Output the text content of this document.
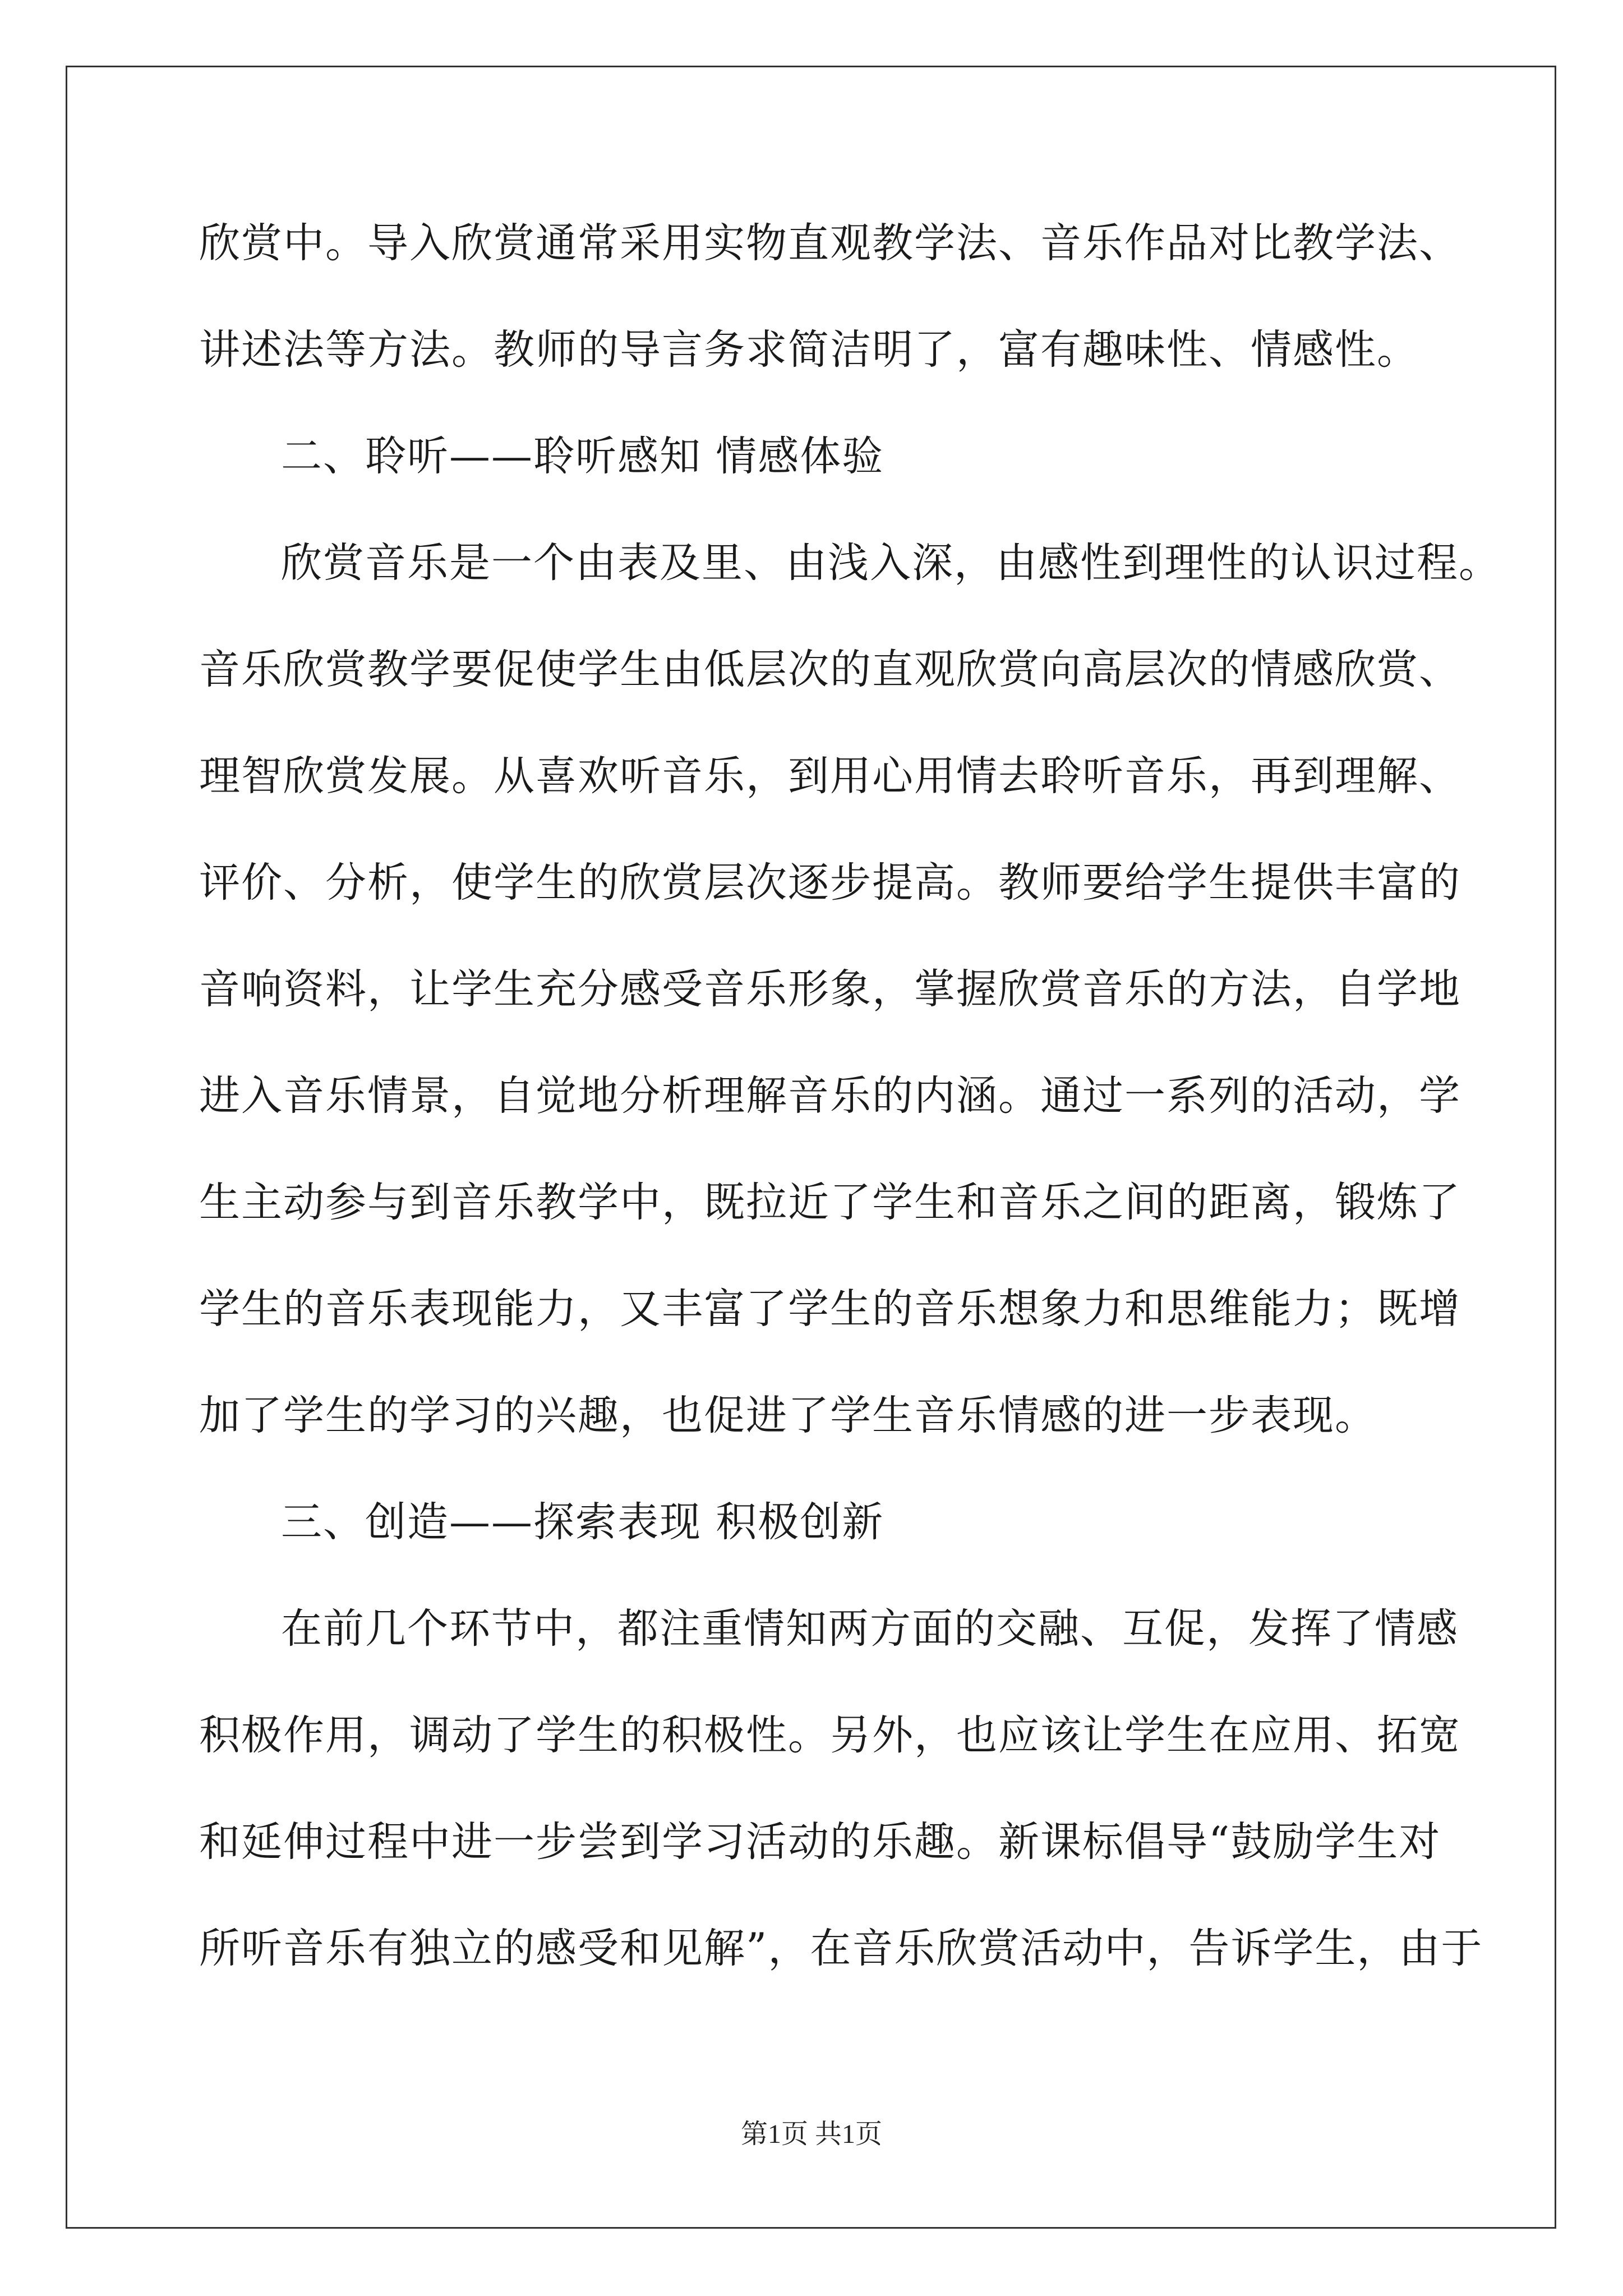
欣赏中。导入欣赏通常采用实物直观教学法、音乐作品对比教学法、
讲述法等方法。教师的导言务求简洁明了，富有趣味性、情感性。
二、聆听——聆听感知 情感体验
欣赏音乐是一个由表及里、由浅入深，由感性到理性的认识过程。
音乐欣赏教学要促使学生由低层次的直观欣赏向高层次的情感欣赏、
理智欣赏发展。从喜欢听音乐，到用心用情去聆听音乐，再到理解、
评价、分析，使学生的欣赏层次逐步提高。教师要给学生提供丰富的
音响资料，让学生充分感受音乐形象，掌握欣赏音乐的方法，自学地
进入音乐情景，自觉地分析理解音乐的内涵。通过一系列的活动，学
生主动参与到音乐教学中，既拉近了学生和音乐之间的距离，锻炼了
学生的音乐表现能力，又丰富了学生的音乐想象力和思维能力；既增
加了学生的学习的兴趣，也促进了学生音乐情感的进一步表现。
三、创造——探索表现 积极创新
在前几个环节中，都注重情知两方面的交融、互促，发挥了情感
积极作用，调动了学生的积极性。另外，也应该让学生在应用、拓宽
和延伸过程中进一步尝到学习活动的乐趣。新课标倡导“鼓励学生对
所听音乐有独立的感受和见解”，在音乐欣赏活动中，告诉学生，由于
第1页 共1页
